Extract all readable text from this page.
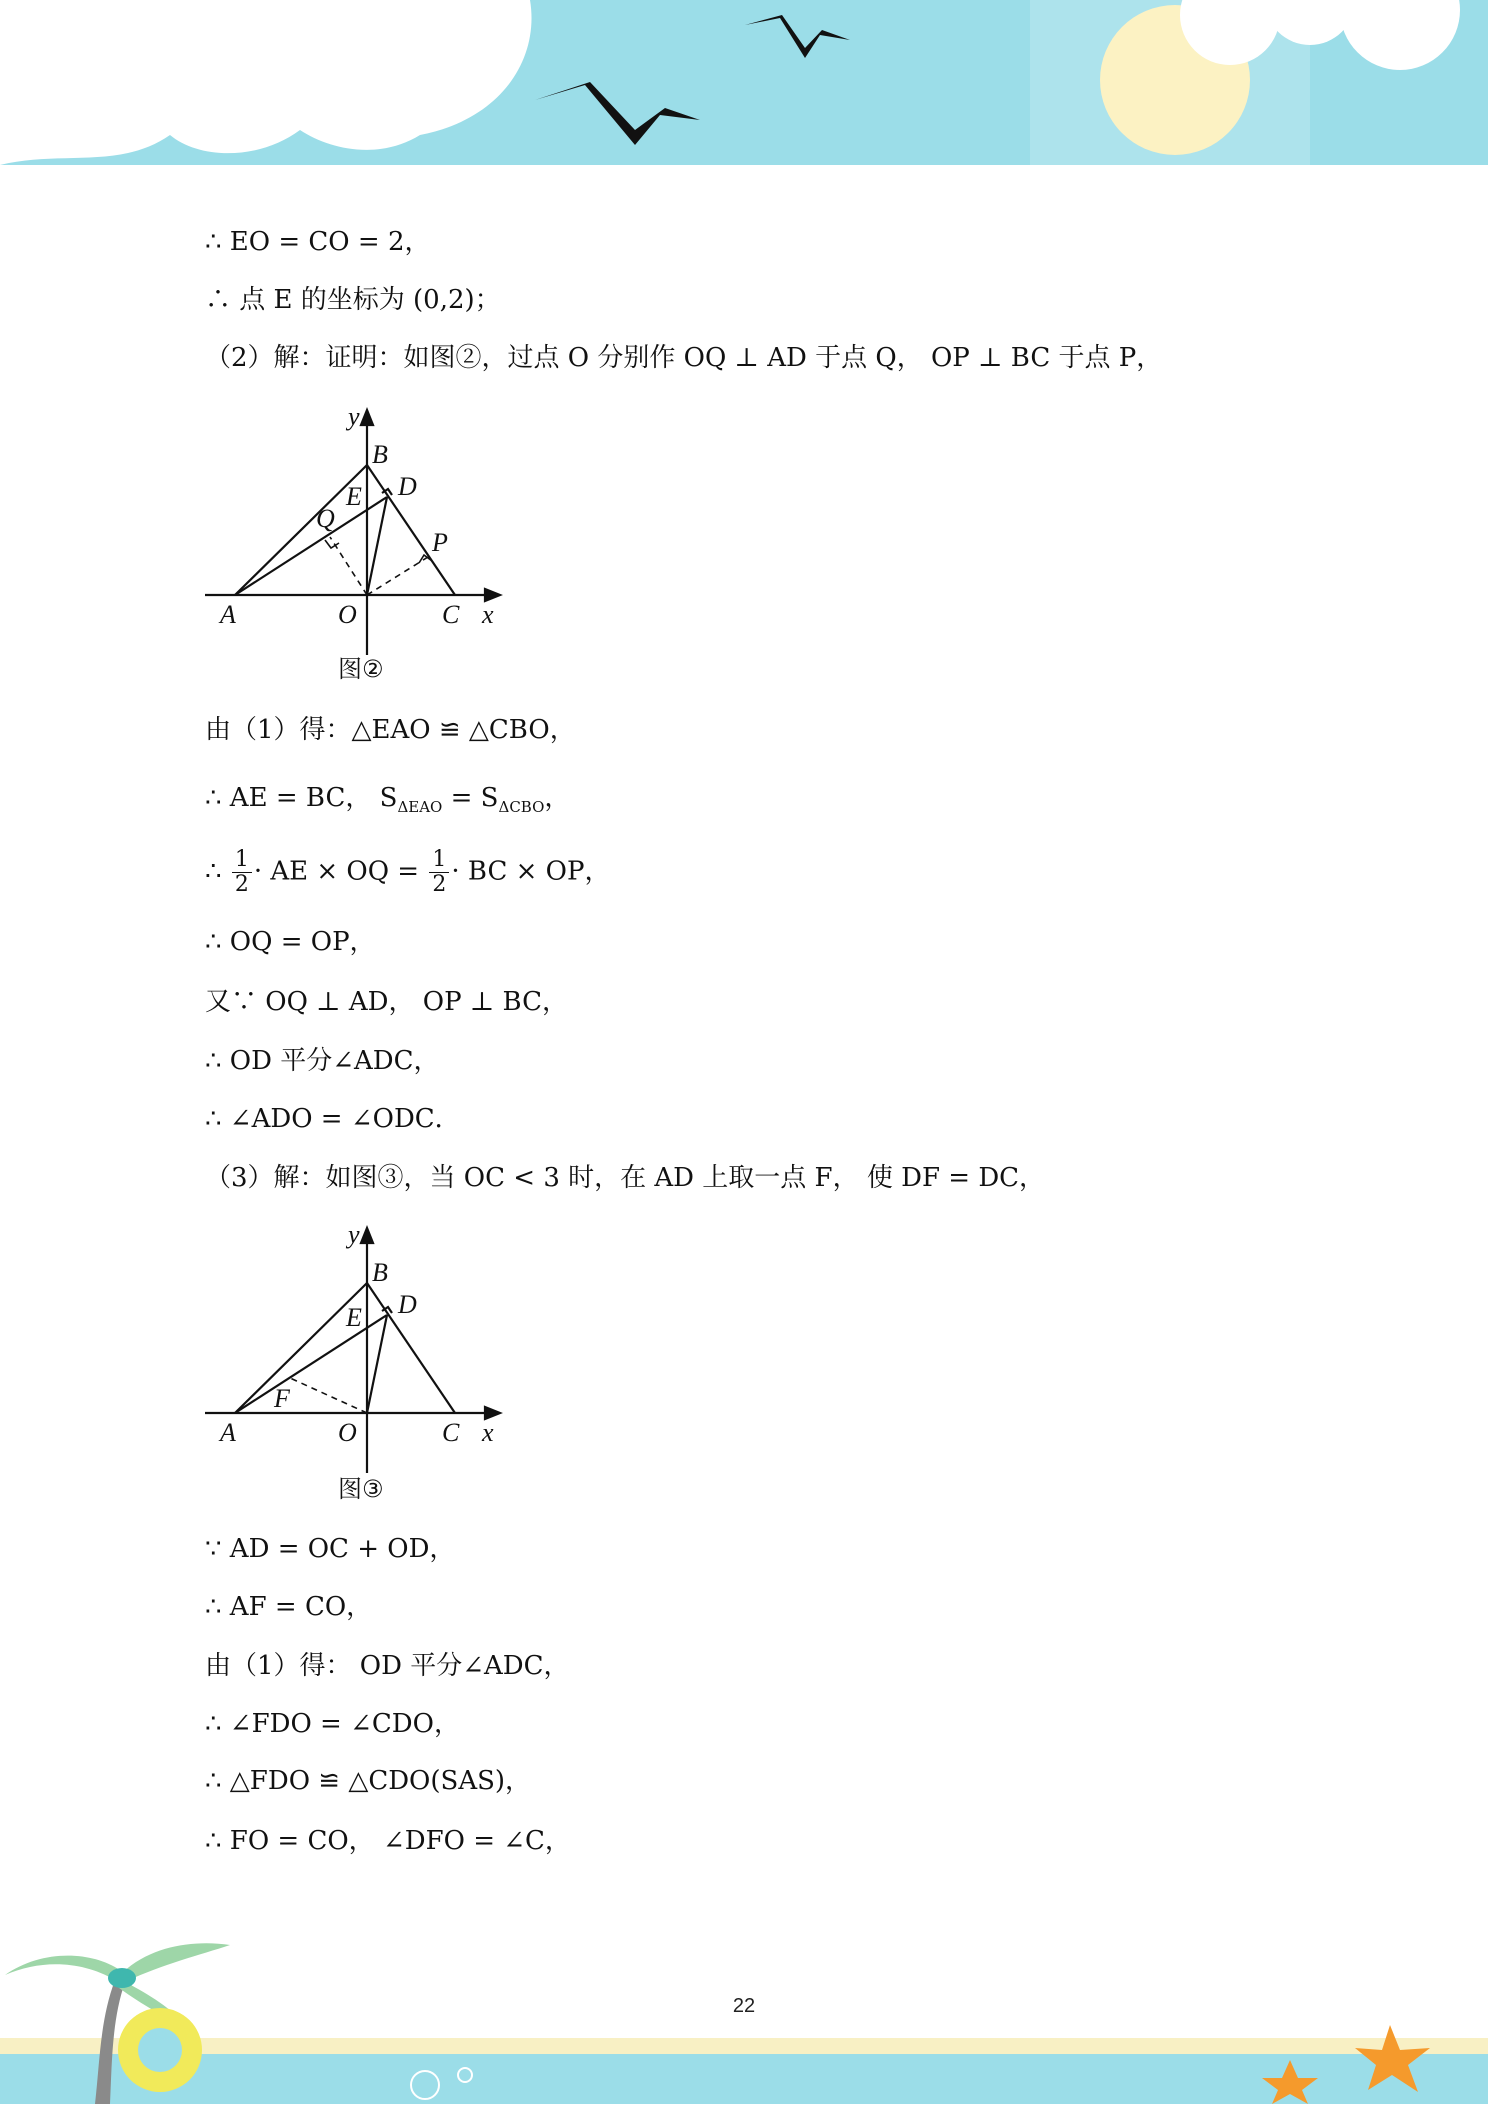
∴ EO = CO = 2，
∴ 点 E 的坐标为 (0,2)；
（2）解：证明：如图②，过点 O 分别作 OQ ⊥ AD 于点 Q， OP ⊥ BC 于点 P，
y
B
D
E
Q
P
A	O	C x
图②
由（1）得：△EAO ≌ △CBO，
∴ AE = BC， $S_{\Delta EAO} = S_{\Delta CBO}$，
∴ $\frac{1}{2}$ · AE × OQ = $\frac{1}{2}$ · BC × OP，
∴ OQ = OP，
又∵ OQ ⊥ AD， OP ⊥ BC，
∴ OD 平分∠ADC，
∴ ∠ADO = ∠ODC．
（3）解：如图③，当 OC < 3 时，在 AD 上取一点 F， 使 DF = DC，
y
B
D
E
F
A	O	C x
图③
∵ AD = OC + OD，
∴ AF = CO，
由（1）得： OD 平分∠ADC，
∴ ∠FDO = ∠CDO，
∴ △FDO ≌ △CDO(SAS)，
∴ FO = CO， ∠DFO = ∠C，
22
